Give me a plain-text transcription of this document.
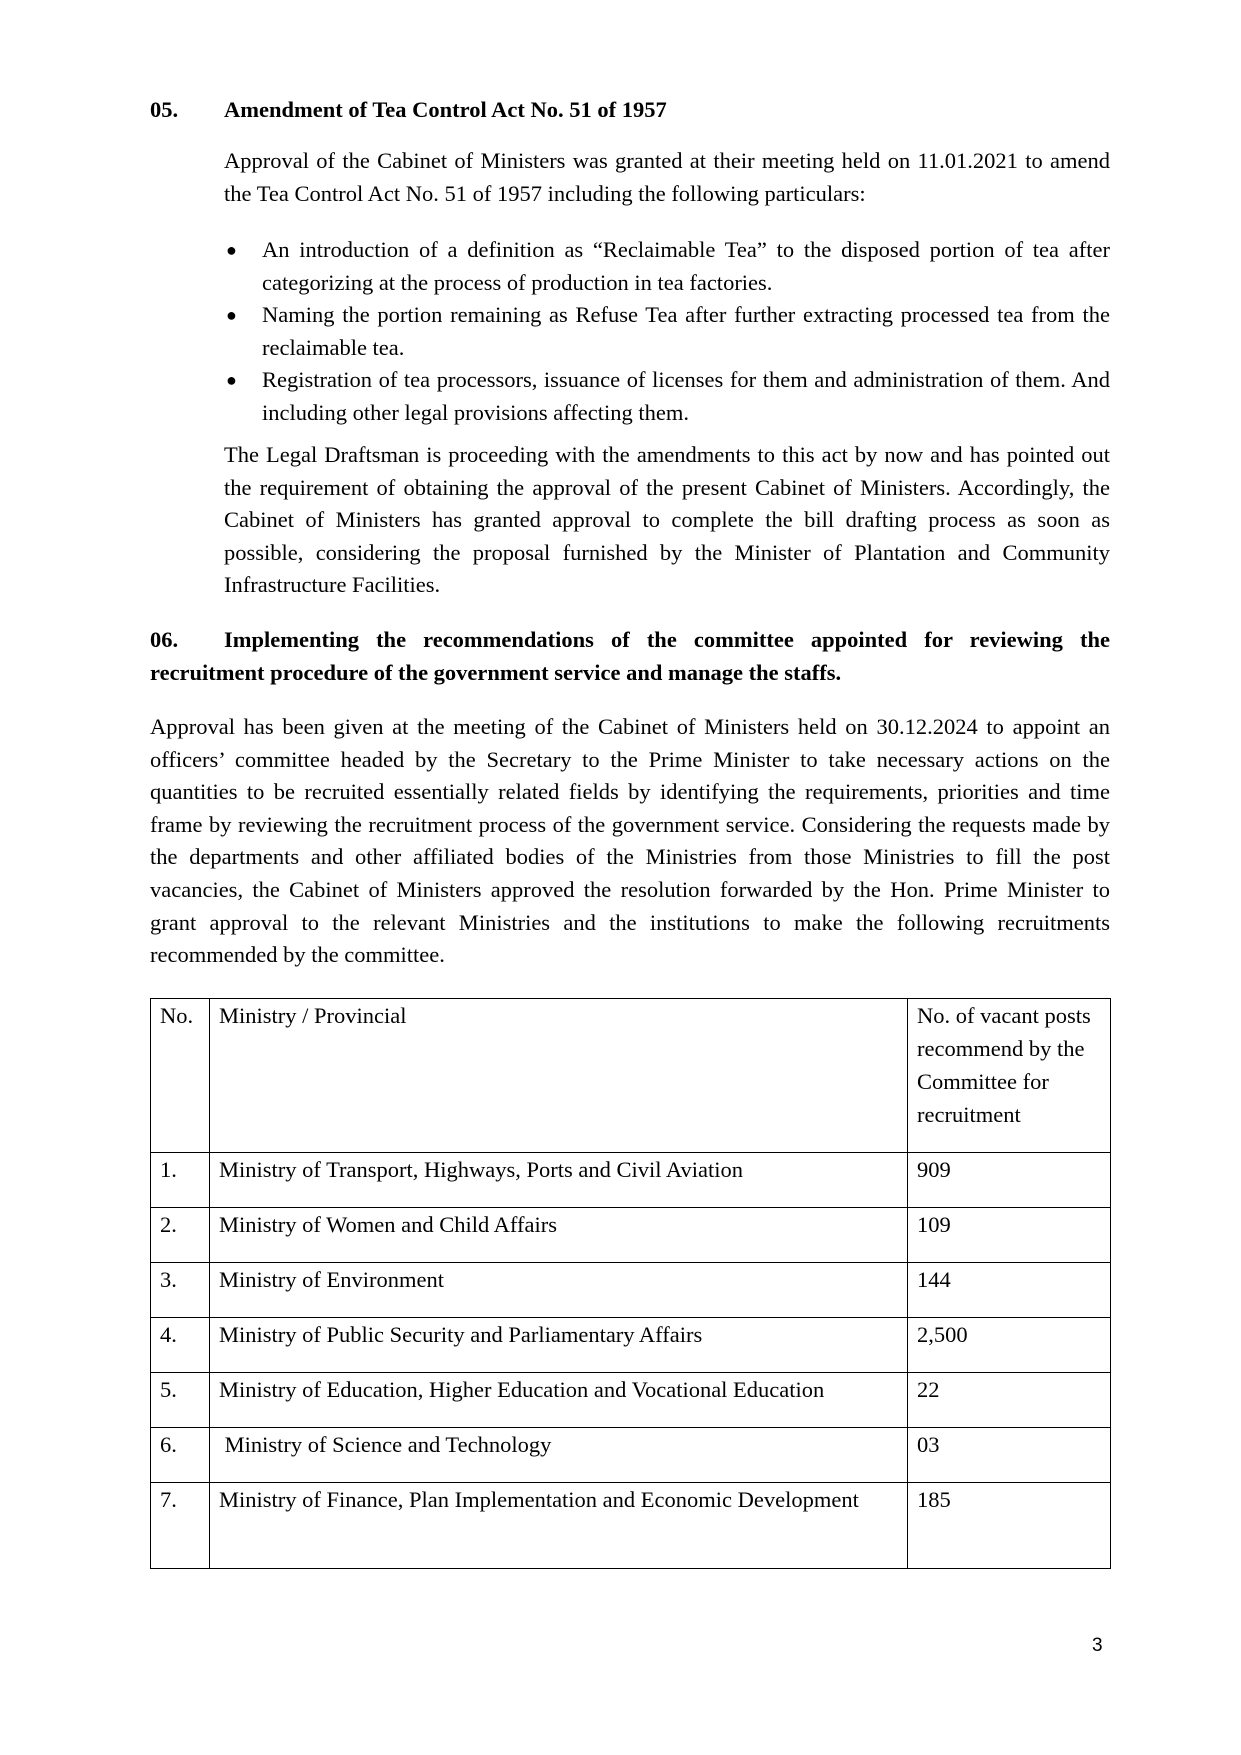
05. Amendment of Tea Control Act No. 51 of 1957

Approval of the Cabinet of Ministers was granted at their meeting held on 11.01.2021 to amend the Tea Control Act No. 51 of 1957 including the following particulars:

● An introduction of a definition as “Reclaimable Tea” to the disposed portion of tea after categorizing at the process of production in tea factories.
● Naming the portion remaining as Refuse Tea after further extracting processed tea from the reclaimable tea.
● Registration of tea processors, issuance of licenses for them and administration of them. And including other legal provisions affecting them.

The Legal Draftsman is proceeding with the amendments to this act by now and has pointed out the requirement of obtaining the approval of the present Cabinet of Ministers. Accordingly, the Cabinet of Ministers has granted approval to complete the bill drafting process as soon as possible, considering the proposal furnished by the Minister of Plantation and Community Infrastructure Facilities.

06. Implementing the recommendations of the committee appointed for reviewing the
recruitment procedure of the government service and manage the staffs.

Approval has been given at the meeting of the Cabinet of Ministers held on 30.12.2024 to appoint an officers’ committee headed by the Secretary to the Prime Minister to take necessary actions on the quantities to be recruited essentially related fields by identifying the requirements, priorities and time frame by reviewing the recruitment process of the government service. Considering the requests made by the departments and other affiliated bodies of the Ministries from those Ministries to fill the post vacancies, the Cabinet of Ministers approved the resolution forwarded by the Hon. Prime Minister to grant approval to the relevant Ministries and the institutions to make the following recruitments recommended by the committee.

No.	Ministry / Provincial	No. of vacant posts recommend by the Committee for recruitment
1.	Ministry of Transport, Highways, Ports and Civil Aviation	909
2.	Ministry of Women and Child Affairs	109
3.	Ministry of Environment	144
4.	Ministry of Public Security and Parliamentary Affairs	2,500
5.	Ministry of Education, Higher Education and Vocational Education	22
6.	Ministry of Science and Technology	03
7.	Ministry of Finance, Plan Implementation and Economic Development	185
3
